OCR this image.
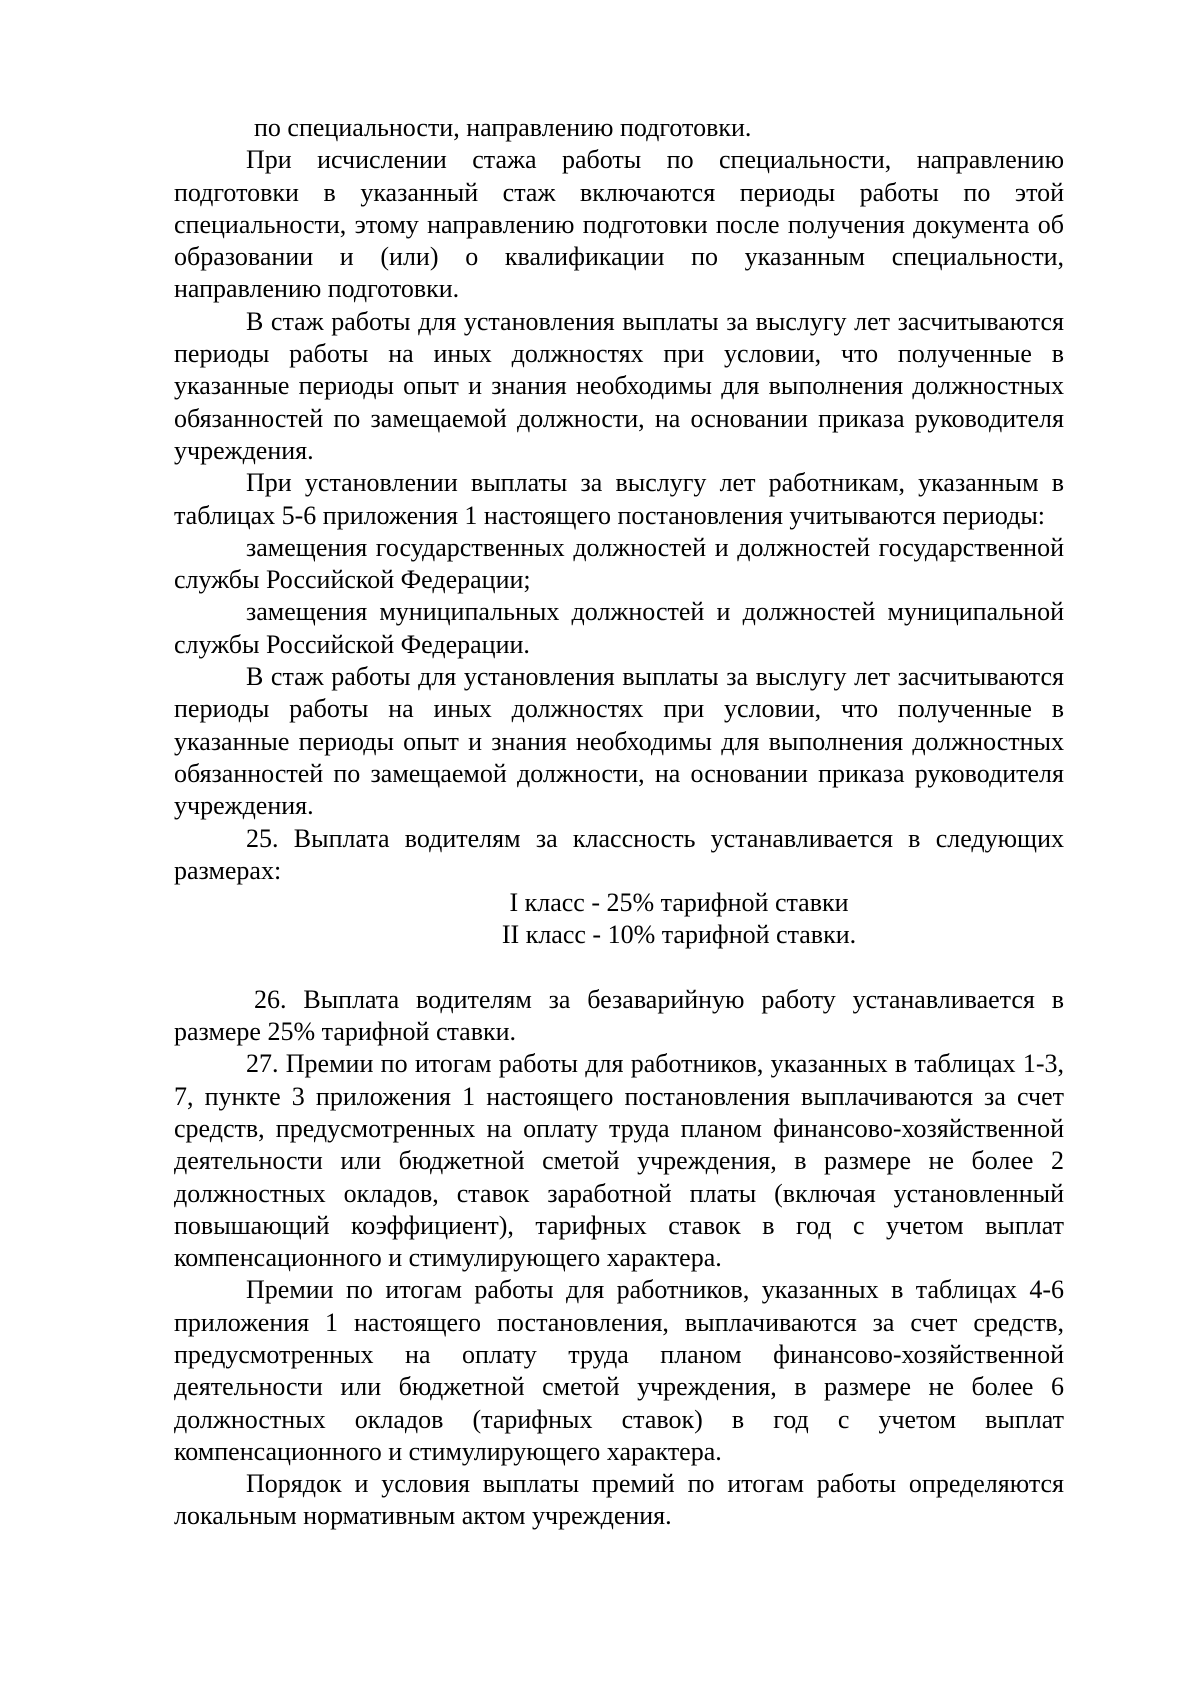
по специальности, направлению подготовки.

При исчислении стажа работы по специальности, направлению подготовки в указанный стаж включаются периоды работы по этой специальности, этому направлению подготовки после получения документа об образовании и (или) о квалификации по указанным специальности, направлению подготовки.

В стаж работы для установления выплаты за выслугу лет засчитываются периоды работы на иных должностях при условии, что полученные в указанные периоды опыт и знания необходимы для выполнения должностных обязанностей по замещаемой должности, на основании приказа руководителя учреждения.

При установлении выплаты за выслугу лет работникам, указанным в таблицах 5-6 приложения 1 настоящего постановления учитываются периоды:

замещения государственных должностей и должностей государственной службы Российской Федерации;

замещения муниципальных должностей и должностей муниципальной службы Российской Федерации.

В стаж работы для установления выплаты за выслугу лет засчитываются периоды работы на иных должностях при условии, что полученные в указанные периоды опыт и знания необходимы для выполнения должностных обязанностей по замещаемой должности, на основании приказа руководителя учреждения.

25. Выплата водителям за классность устанавливается в следующих размерах:

I класс - 25% тарифной ставки
II класс - 10% тарифной ставки.

26. Выплата водителям за безаварийную работу устанавливается в размере 25% тарифной ставки.

27. Премии по итогам работы для работников, указанных в таблицах 1-3, 7, пункте 3 приложения 1 настоящего постановления выплачиваются за счет средств, предусмотренных на оплату труда планом финансово-хозяйственной деятельности или бюджетной сметой учреждения, в размере не более 2 должностных окладов, ставок заработной платы (включая установленный повышающий коэффициент), тарифных ставок в год с учетом выплат компенсационного и стимулирующего характера.

Премии по итогам работы для работников, указанных в таблицах 4-6 приложения 1 настоящего постановления, выплачиваются за счет средств, предусмотренных на оплату труда планом финансово-хозяйственной деятельности или бюджетной сметой учреждения, в размере не более 6 должностных окладов (тарифных ставок) в год с учетом выплат компенсационного и стимулирующего характера.

Порядок и условия выплаты премий по итогам работы определяются локальным нормативным актом учреждения.
